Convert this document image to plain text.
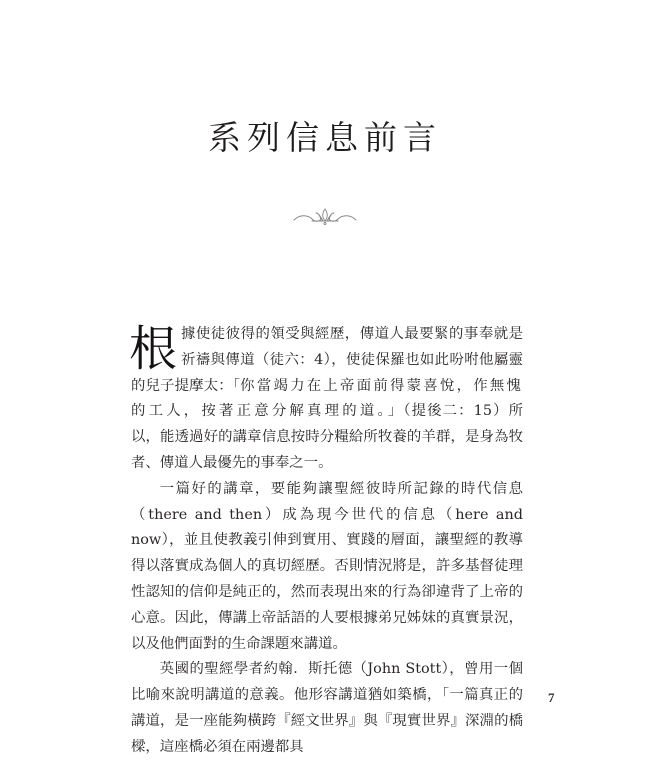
系列信息前言

根據使徒彼得的領受與經歷，傳道人最要緊的事奉就是祈禱與傳道（徒六：4），使徒保羅也如此吩咐他屬靈的兒子提摩太：「你當竭力在上帝面前得蒙喜悅，作無愧的工人，按著正意分解真理的道。」（提後二：15）所以，能透過好的講章信息按時分糧給所牧養的羊群，是身為牧者、傳道人最優先的事奉之一。

一篇好的講章，要能夠讓聖經彼時所記錄的時代信息（there and then）成為現今世代的信息（here and now），並且使教義引伸到實用、實踐的層面，讓聖經的教導得以落實成為個人的真切經歷。否則情況將是，許多基督徒理性認知的信仰是純正的，然而表現出來的行為卻違背了上帝的心意。因此，傳講上帝話語的人要根據弟兄姊妹的真實景況，以及他們面對的生命課題來講道。

英國的聖經學者約翰．斯托德（John Stott），曾用一個比喻來說明講道的意義。他形容講道猶如築橋，「一篇真正的講道，是一座能夠橫跨『經文世界』與『現實世界』深淵的橋樑，這座橋必須在兩邊都具

7
